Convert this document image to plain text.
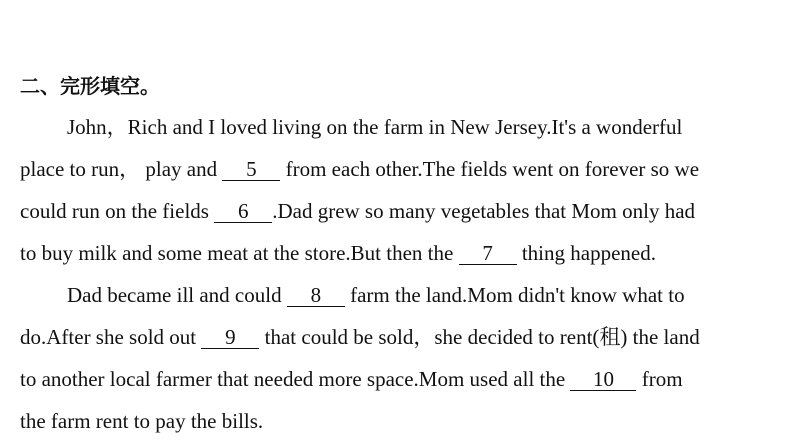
二、完形填空。
John，Rich and I loved living on the farm in New Jersey.It's a wonderful
place to run， play and 5 from each other.The fields went on forever so we
could run on the fields 6 .Dad grew so many vegetables that Mom only had
to buy milk and some meat at the store.But then the 7 thing happened.
Dad became ill and could 8 farm the land.Mom didn't know what to
do.After she sold out 9 that could be sold，she decided to rent(租) the land
to another local farmer that needed more space.Mom used all the 10 from
the farm rent to pay the bills.
